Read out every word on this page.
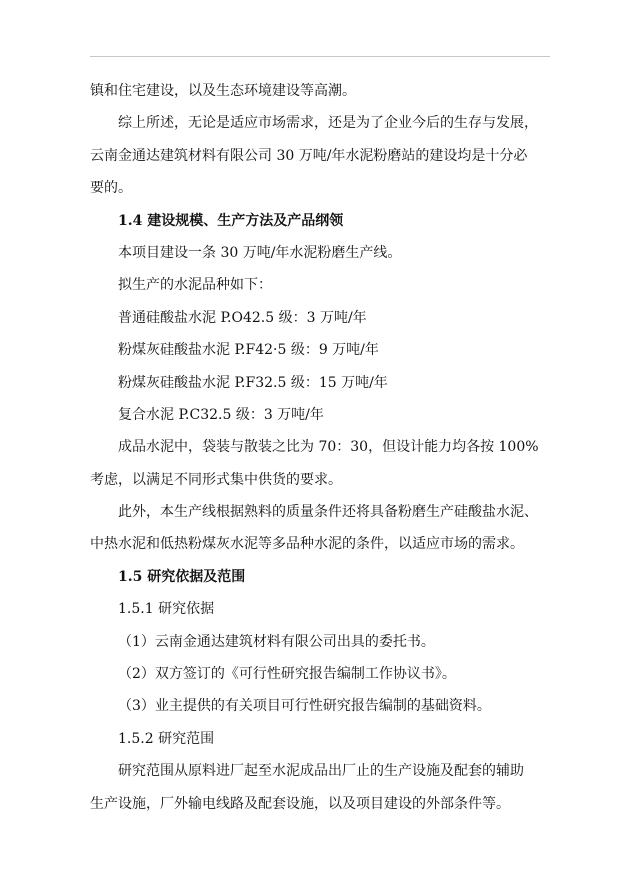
镇和住宅建设，以及生态环境建设等高潮。
综上所述，无论是适应市场需求，还是为了企业今后的生存与发展，
云南金通达建筑材料有限公司 30 万吨/年水泥粉磨站的建设均是十分必
要的。
1.4 建设规模、生产方法及产品纲领
本项目建设一条 30 万吨/年水泥粉磨生产线。
拟生产的水泥品种如下：
普通硅酸盐水泥 P.O42.5 级：3 万吨/年
粉煤灰硅酸盐水泥 P.F42·5 级：9 万吨/年
粉煤灰硅酸盐水泥 P.F32.5 级：15 万吨/年
复合水泥 P.C32.5 级：3 万吨/年
成品水泥中，袋装与散装之比为 70：30，但设计能力均各按 100%
考虑，以满足不同形式集中供货的要求。
此外，本生产线根据熟料的质量条件还将具备粉磨生产硅酸盐水泥、
中热水泥和低热粉煤灰水泥等多品种水泥的条件，以适应市场的需求。
1.5 研究依据及范围
1.5.1 研究依据
（1）云南金通达建筑材料有限公司出具的委托书。
（2）双方签订的《可行性研究报告编制工作协议书》。
（3）业主提供的有关项目可行性研究报告编制的基础资料。
1.5.2 研究范围
研究范围从原料进厂起至水泥成品出厂止的生产设施及配套的辅助
生产设施，厂外输电线路及配套设施，以及项目建设的外部条件等。
